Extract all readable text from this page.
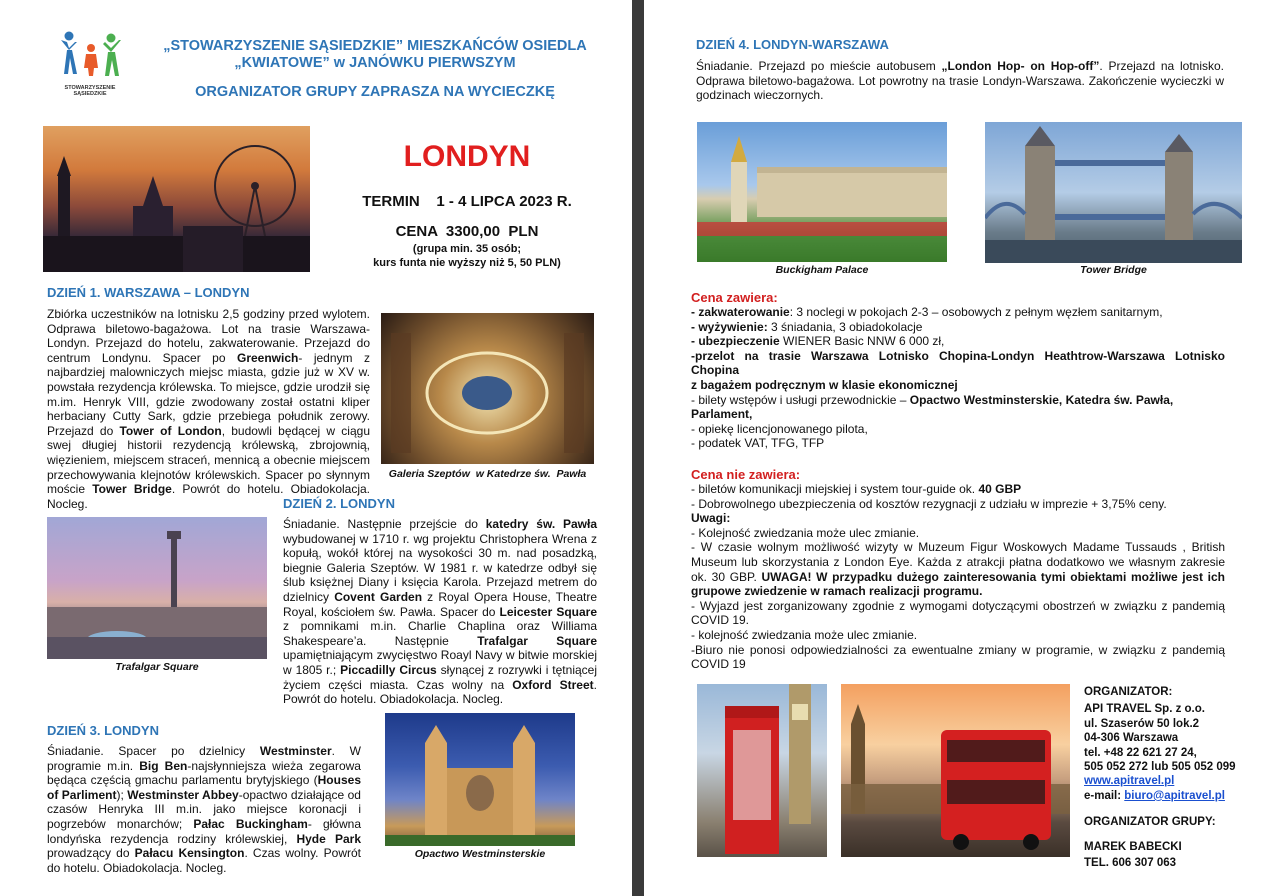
STOWARZYSZENIE
SĄSIEDZKIE
„STOWARZYSZENIE SĄSIEDZKIE” MIESZKAŃCÓW OSIEDLA
„KWIATOWE” w JANÓWKU PIERWSZYM
ORGANIZATOR GRUPY ZAPRASZA NA WYCIECZKĘ
LONDYN
TERMIN    1 - 4 LIPCA 2023 R.
CENA  3300,00  PLN
(grupa min. 35 osób;
kurs funta nie wyższy niż 5, 50 PLN)
DZIEŃ 1. WARSZAWA – LONDYN
Zbiórka uczestników na lotnisku 2,5 godziny przed wylotem. Odprawa biletowo-bagażowa. Lot na trasie Warszawa-Londyn. Przejazd do hotelu, zakwaterowanie. Przejazd do centrum Londynu. Spacer po Greenwich- jednym z najbardziej malowniczych miejsc miasta, gdzie już w XV w. powstała rezydencja królewska. To miejsce, gdzie urodził się m.im. Henryk VIII, gdzie zwodowany został ostatni kliper herbaciany Cutty Sark, gdzie przebiega południk zerowy. Przejazd do Tower of London, budowli będącej w ciągu swej długiej historii rezydencją królewską, zbrojownią, więzieniem, miejscem straceń, mennicą a obecnie miejscem przechowywania klejnotów królewskich. Spacer po słynnym moście Tower Bridge. Powrót do hotelu. Obiadokolacja. Nocleg.
Galeria Szeptów  w Katedrze św.  Pawła
Trafalgar Square
DZIEŃ 2. LONDYN
Śniadanie. Następnie przejście do katedry św. Pawła wybudowanej w 1710 r. wg projektu Christophera Wrena z kopułą, wokół której na wysokości 30 m. nad posadzką, biegnie Galeria Szeptów. W 1981 r. w katedrze odbył się ślub księżnej Diany i księcia Karola. Przejazd metrem do dzielnicy Covent Garden z Royal Opera House, Theatre Royal, kościołem św. Pawła. Spacer do Leicester Square z pomnikami m.in. Charlie Chaplina oraz Williama Shakespeare’a. Następnie Trafalgar Square upamiętniającym zwycięstwo Roayl Navy w bitwie morskiej w 1805 r.; Piccadilly Circus słynącej z rozrywki i tętniącej życiem części miasta. Czas wolny na Oxford Street. Powrót do hotelu. Obiadokolacja. Nocleg.
DZIEŃ 3. LONDYN
Śniadanie. Spacer po dzielnicy Westminster. W programie m.in. Big Ben-najsłynniejsza wieża zegarowa będąca częścią gmachu parlamentu brytyjskiego (Houses of Parliment); Westminster Abbey-opactwo działające od czasów Henryka III m.in. jako miejsce koronacji i pogrzebów monarchów; Pałac Buckingham- główna londyńska rezydencja rodziny królewskiej, Hyde Park prowadzący do Pałacu Kensington. Czas wolny. Powrót do hotelu. Obiadokolacja. Nocleg.
Opactwo Westminsterskie
DZIEŃ 4. LONDYN-WARSZAWA
Śniadanie. Przejazd po mieście autobusem „London Hop- on Hop-off”. Przejazd na lotnisko. Odprawa biletowo-bagażowa. Lot powrotny na trasie Londyn-Warszawa. Zakończenie wycieczki w godzinach wieczornych.
Buckigham Palace	Tower Bridge
Cena zawiera:
- zakwaterowanie: 3 noclegi w pokojach 2-3 – osobowych z pełnym węzłem sanitarnym,
- wyżywienie: 3 śniadania, 3 obiadokolacje
- ubezpieczenie WIENER Basic NNW 6 000 zł,
-przelot na trasie Warszawa Lotnisko Chopina-Londyn Heathtrow-Warszawa Lotnisko Chopina
z bagażem podręcznym w klasie ekonomicznej
- bilety wstępów i usługi przewodnickie – Opactwo Westminsterskie, Katedra św. Pawła, Parlament,
- opiekę licencjonowanego pilota,
- podatek VAT, TFG, TFP
Cena nie zawiera:
- biletów komunikacji miejskiej i system tour-guide ok. 40 GBP
- Dobrowolnego ubezpieczenia od kosztów rezygnacji z udziału w imprezie + 3,75% ceny.
Uwagi:
- Kolejność zwiedzania może ulec zmianie.
- W czasie wolnym możliwość wizyty w Muzeum Figur Woskowych Madame Tussauds , British Museum lub skorzystania z London Eye. Każda z atrakcji płatna dodatkowo we własnym zakresie ok. 30 GBP. UWAGA! W przypadku dużego zainteresowania tymi obiektami możliwe jest ich grupowe zwiedzenie w ramach realizacji programu.
- Wyjazd jest zorganizowany zgodnie z wymogami dotyczącymi obostrzeń w związku z pandemią COVID 19.
- kolejność zwiedzania może ulec zmianie.
-Biuro nie ponosi odpowiedzialności za ewentualne zmiany w programie, w związku z pandemią COVID 19
ORGANIZATOR:
API TRAVEL Sp. z o.o.
ul. Szaserów 50 lok.2
04-306 Warszawa
tel. +48 22 621 27 24,
505 052 272 lub 505 052 099
www.apitravel.pl
e-mail: biuro@apitravel.pl
ORGANIZATOR GRUPY:
MAREK BABECKI
TEL. 606 307 063
